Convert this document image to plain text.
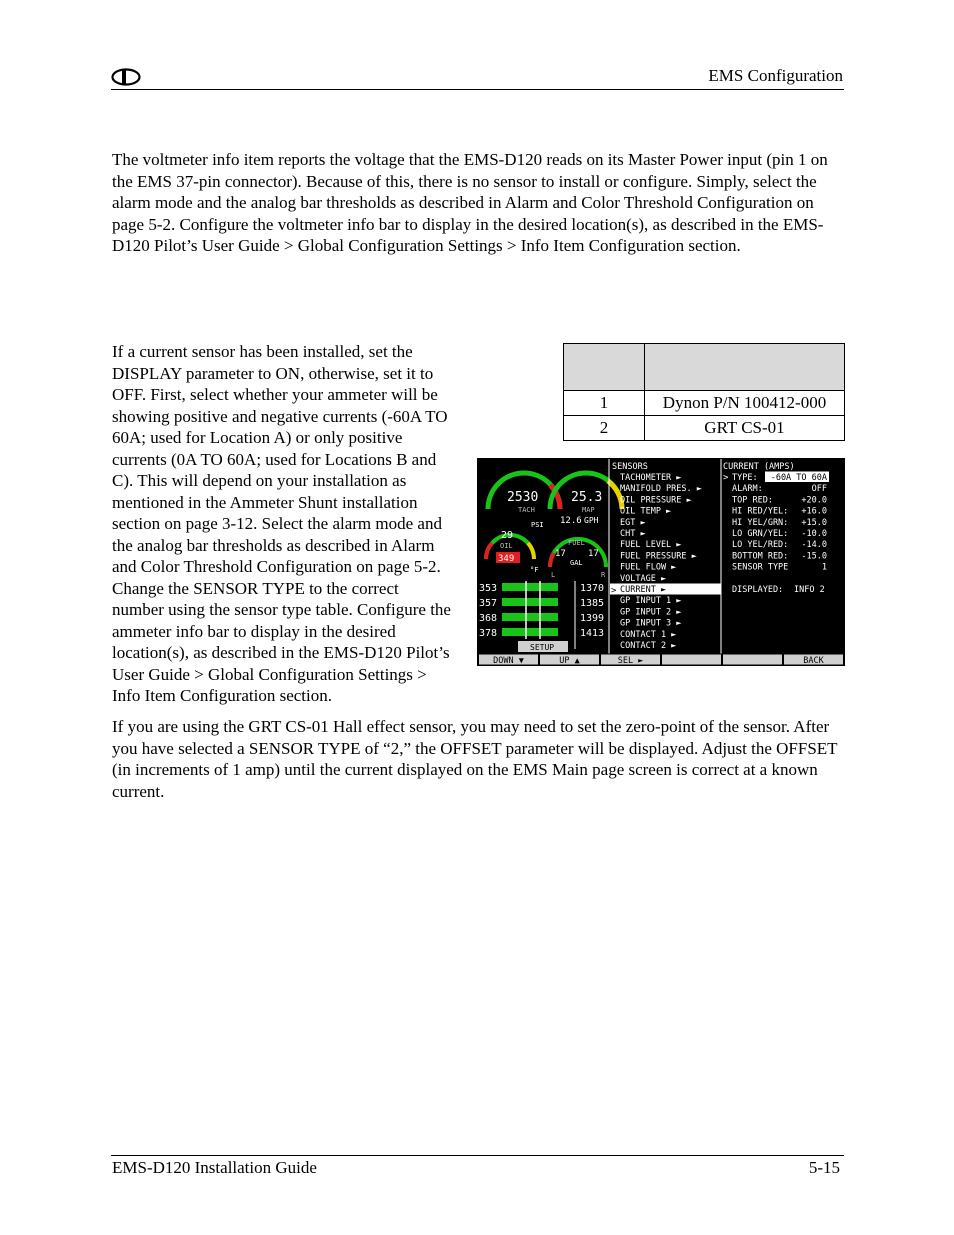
EMS Configuration

The voltmeter info item reports the voltage that the EMS-D120 reads on its Master Power input (pin 1 on the EMS 37-pin connector). Because of this, there is no sensor to install or configure. Simply, select the alarm mode and the analog bar thresholds as described in Alarm and Color Threshold Configuration on page 5-2. Configure the voltmeter info bar to display in the desired location(s), as described in the EMS-D120 Pilot’s User Guide > Global Configuration Settings > Info Item Configuration section.

If a current sensor has been installed, set the DISPLAY parameter to ON, otherwise, set it to OFF. First, select whether your ammeter will be showing positive and negative currents (-60A TO 60A; used for Location A) or only positive currents (0A TO 60A; used for Locations B and C). This will depend on your installation as mentioned in the Ammeter Shunt installation section on page 3-12. Select the alarm mode and the analog bar thresholds as described in Alarm and Color Threshold Configuration on page 5-2. Change the SENSOR TYPE to the correct number using the sensor type table. Configure the ammeter info bar to display in the desired location(s), as described in the EMS-D120 Pilot’s User Guide > Global Configuration Settings > Info Item Configuration section.

If you are using the GRT CS-01 Hall effect sensor, you may need to set the zero-point of the sensor. After you have selected a SENSOR TYPE of “2,” the OFFSET parameter will be displayed. Adjust the OFFSET (in increments of 1 amp) until the current displayed on the EMS Main page screen is correct at a known current.

1	Dynon P/N 100412-000
2	GRT CS-01
2530
TACH
25.3
MAP
12.6 GPH
29
OIL
PSI
349
°F
FUEL
17 17
GAL
L	R
353
357
368
378
1370
1385
1399
1413
SETUP
SENSORS
>
TACHOMETER ►
MANIFOLD PRES. ►
OIL PRESSURE ►
OIL TEMP ►
EGT ►
CHT ►
FUEL LEVEL ►
FUEL PRESSURE ►
FUEL FLOW ►
VOLTAGE ►
CURRENT ►
GP INPUT 1 ►
GP INPUT 2 ►
GP INPUT 3 ►
CONTACT 1 ►
CONTACT 2 ►
CURRENT (AMPS)
> TYPE: -60A TO 60A
ALARM:	OFF
TOP RED:	+20.0
HI RED/YEL: +16.0
HI YEL/GRN: +15.0
LO GRN/YEL: -10.0
LO YEL/RED: -14.0
BOTTOM RED: -15.0
SENSOR TYPE	1
DISPLAYED: INFO 2
DOWN ▼	UP ▲	SEL ►	BACK
EMS-D120 Installation Guide	5-15
